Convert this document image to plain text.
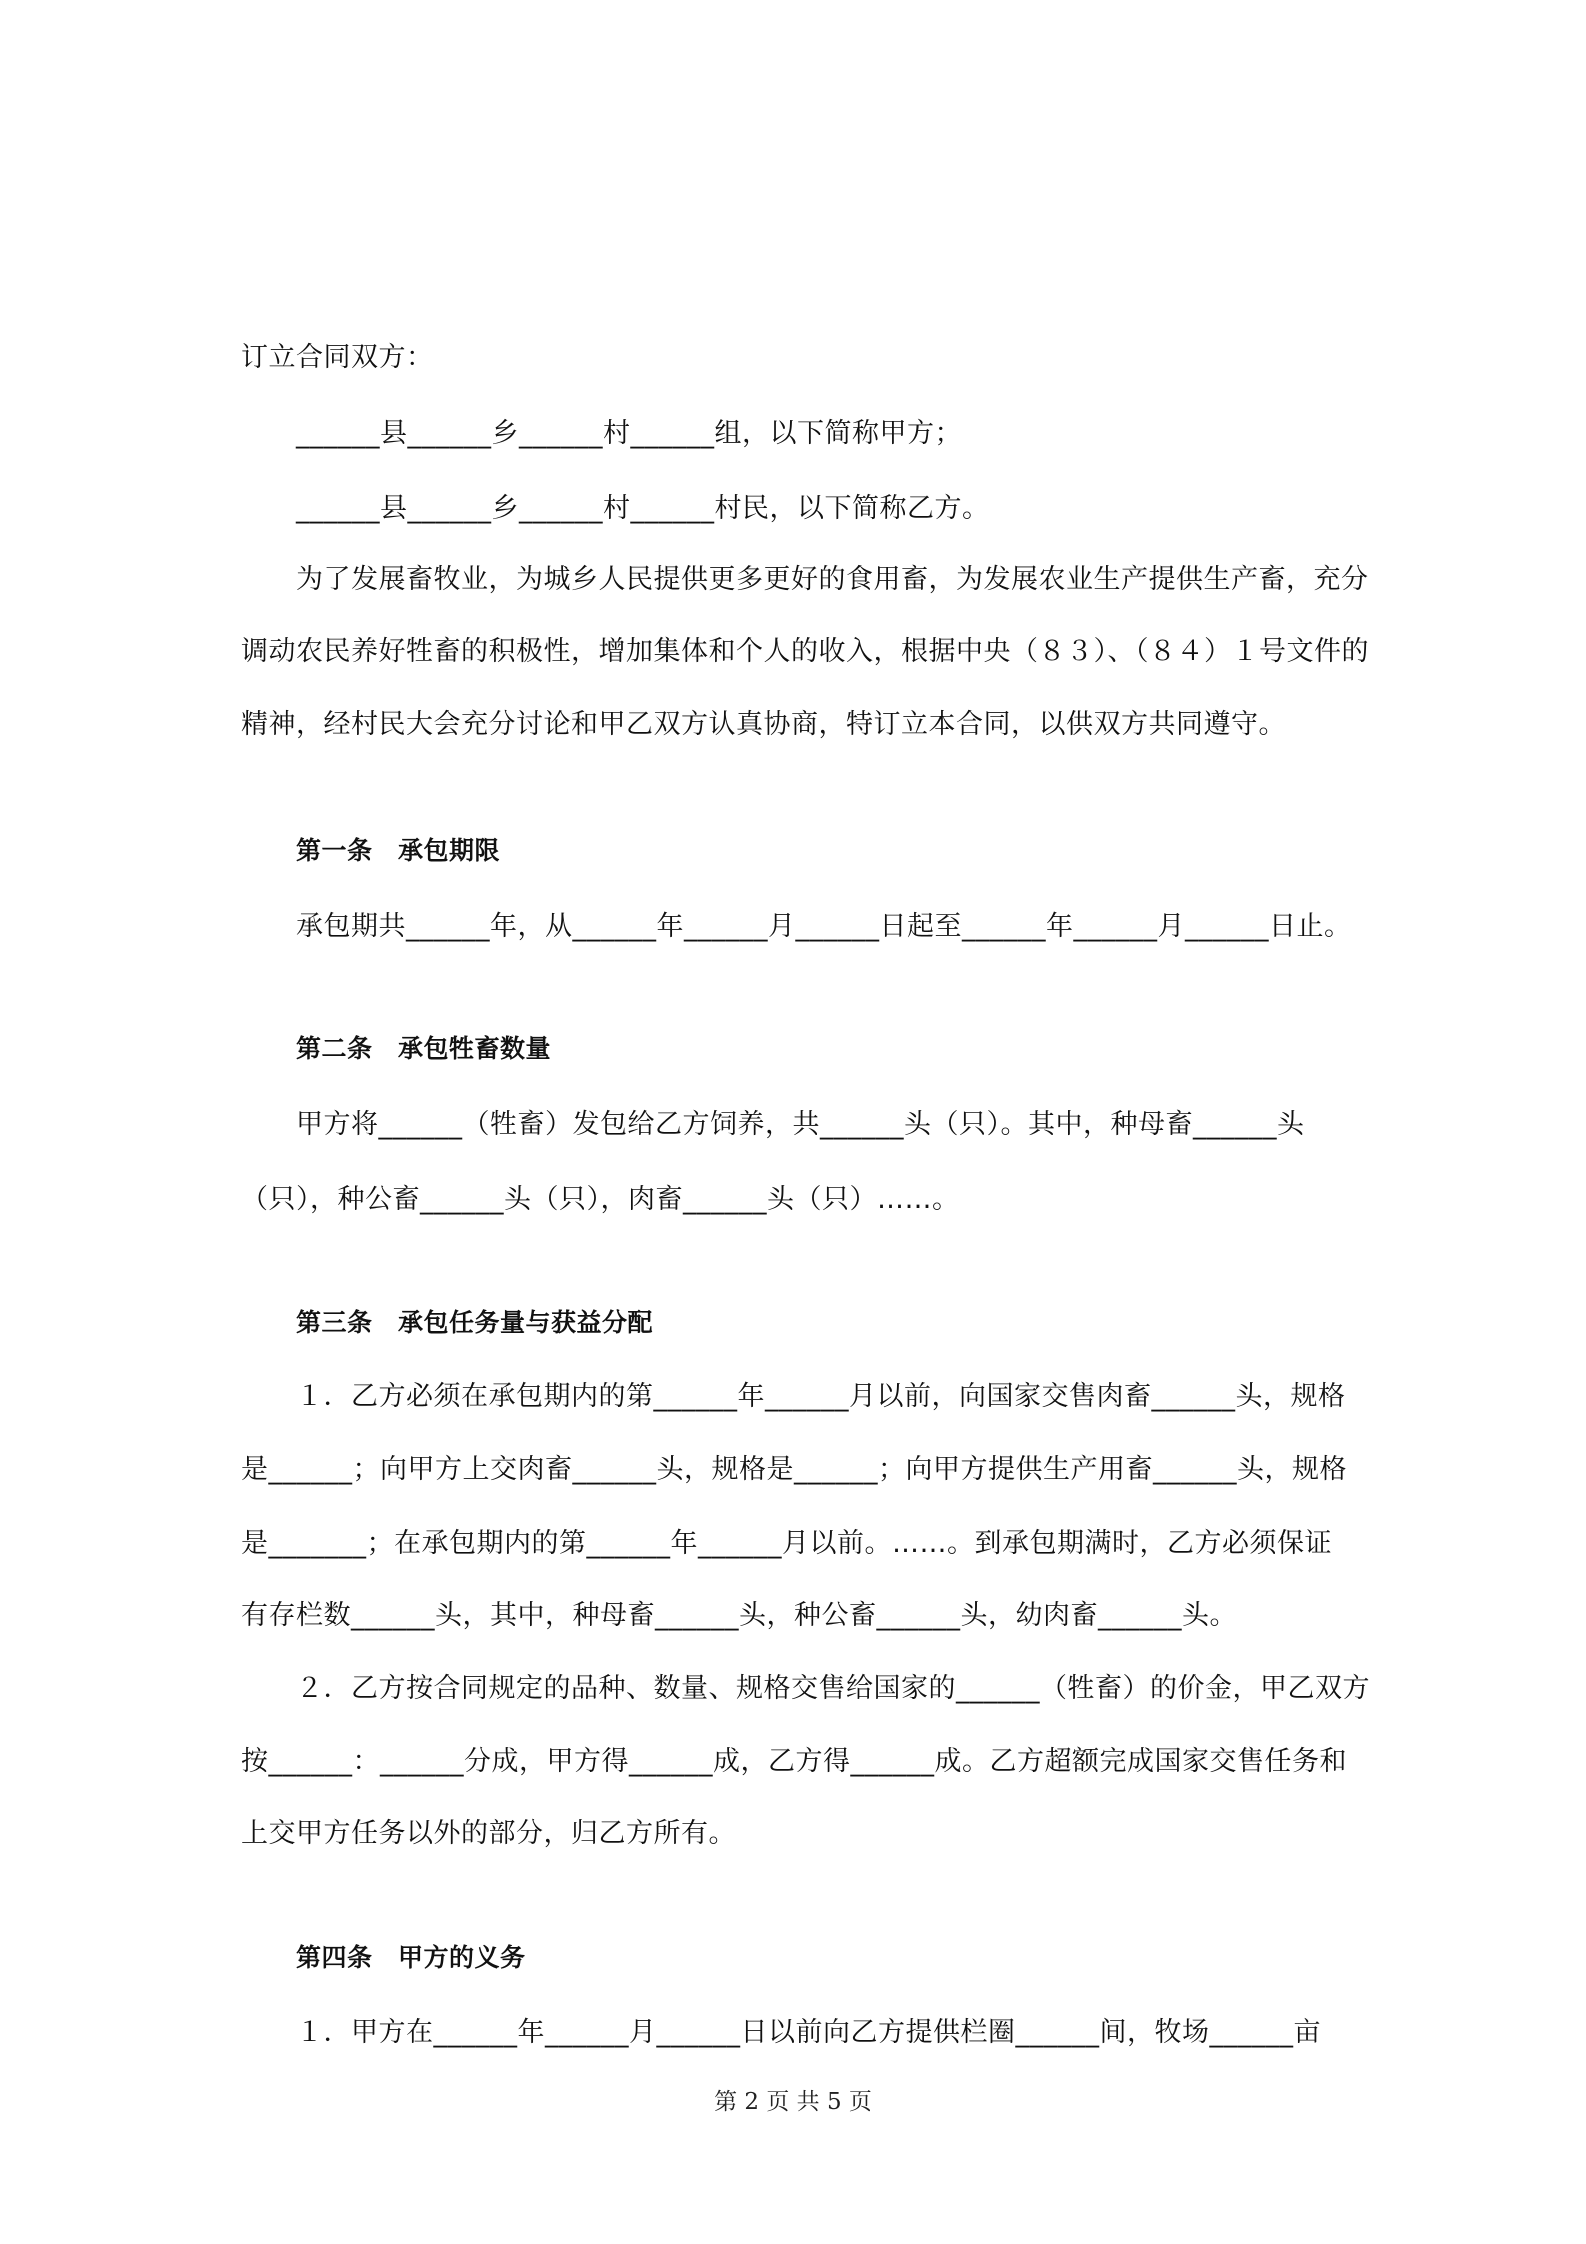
订立合同双方：
______县______乡______村______组，以下简称甲方；
______县______乡______村______村民，以下简称乙方。
为了发展畜牧业，为城乡人民提供更多更好的食用畜，为发展农业生产提供生产畜，充分
调动农民养好牲畜的积极性，增加集体和个人的收入，根据中央（８３）、（８４）１号文件的
精神，经村民大会充分讨论和甲乙双方认真协商，特订立本合同，以供双方共同遵守。
第一条　承包期限
承包期共______年，从______年______月______日起至______年______月______日止。
第二条　承包牲畜数量
甲方将______（牲畜）发包给乙方饲养，共______头（只）。其中，种母畜______头
（只），种公畜______头（只），肉畜______头（只）……。
第三条　承包任务量与获益分配
１．乙方必须在承包期内的第______年______月以前，向国家交售肉畜______头，规格
是______；向甲方上交肉畜______头，规格是______；向甲方提供生产用畜______头，规格
是_______；在承包期内的第______年______月以前。……。到承包期满时，乙方必须保证
有存栏数______头，其中，种母畜______头，种公畜______头，幼肉畜______头。
２．乙方按合同规定的品种、数量、规格交售给国家的______（牲畜）的价金，甲乙双方
按______：______分成，甲方得______成，乙方得______成。乙方超额完成国家交售任务和
上交甲方任务以外的部分，归乙方所有。
第四条　甲方的义务
１．甲方在______年______月______日以前向乙方提供栏圈______间，牧场______亩
第 2 页 共 5 页
